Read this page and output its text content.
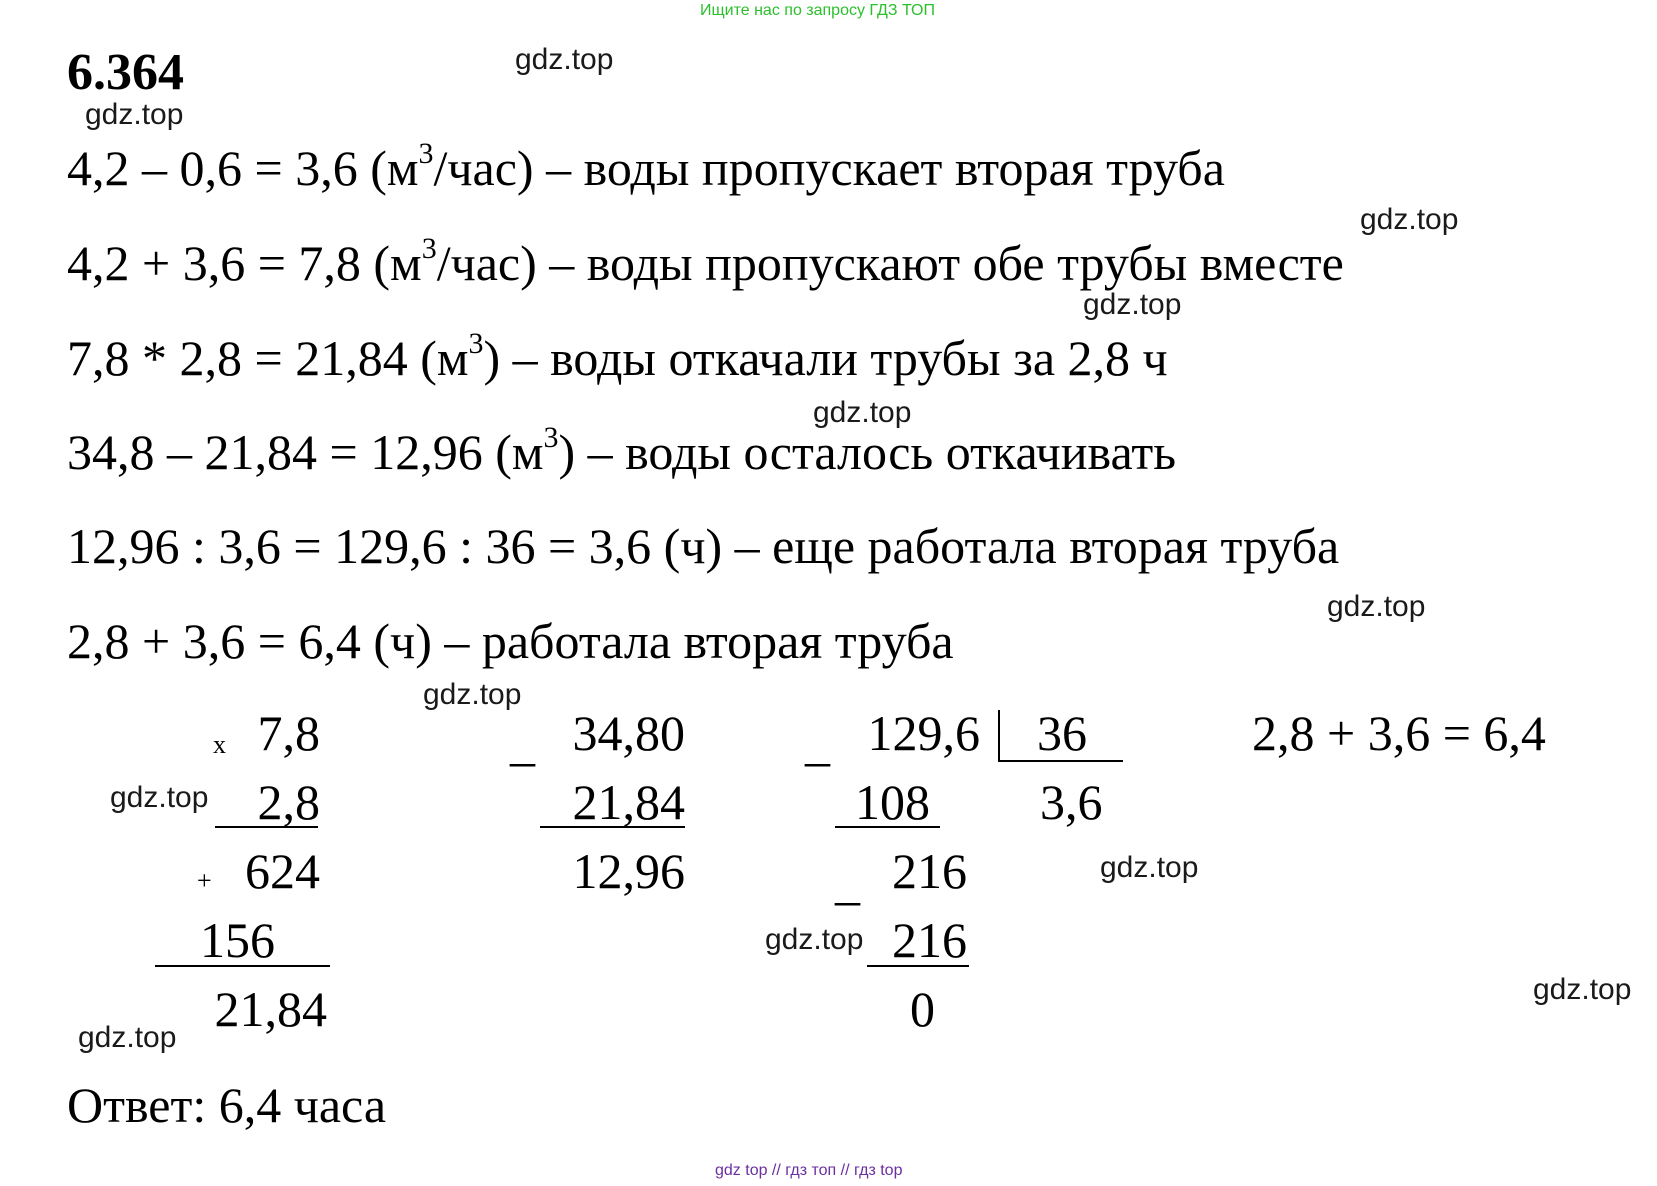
Ищите нас по запросу ГДЗ ТОП
6.364	gdz.top
gdz.top
gdz.top
gdz.top
gdz.top
gdz.top
gdz.top
gdz.top
gdz.top
gdz.top
gdz.top
gdz.top
4,2 – 0,6 = 3,6 $(м^3/час)$ – воды пропускает вторая труба
4,2 + 3,6 = 7,8 $(м^3/час)$ – воды пропускают обе трубы вместе
7,8 * 2,8 = 21,84 $(м^3)$ – воды откачали трубы за 2,8 ч
34,8 – 21,84 = 12,96 $(м^3)$ – воды осталось откачивать
12,96 : 3,6 = 129,6 : 36 = 3,6 (ч) – еще работала вторая труба
2,8 + 3,6 = 6,4 (ч) – работала вторая труба
x 7,8
2,8
+ 624
156
21,84
_ 34,80
21,84
12,96
_ 129,6 36
3,6
108
_ 216
216
0
2,8 + 3,6 = 6,4
Ответ: 6,4 часа
gdz top // гдз топ // гдз top
